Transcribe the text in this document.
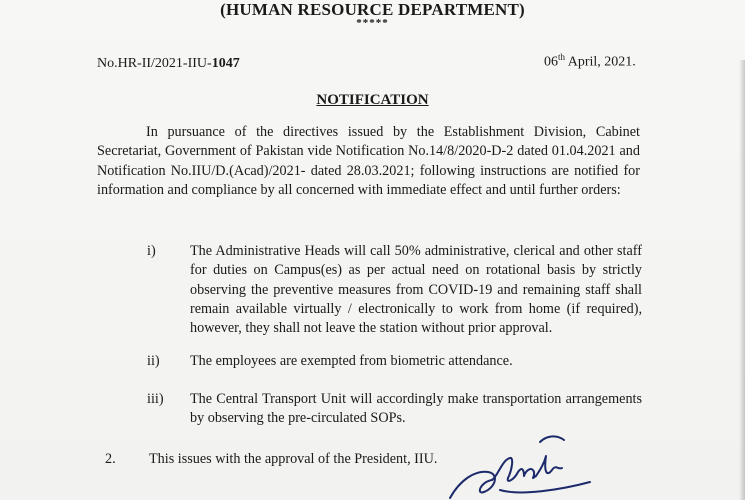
(HUMAN RESOURCE DEPARTMENT)
*****
No.HR-II/2021-IIU-1047	06th April, 2021.
NOTIFICATION
In pursuance of the directives issued by the Establishment Division, Cabinet Secretariat, Government of Pakistan vide Notification No.14/8/2020-D-2 dated 01.04.2021 and Notification No.IIU/D.(Acad)/2021- dated 28.03.2021; following instructions are notified for information and compliance by all concerned with immediate effect and until further orders:
i)	The Administrative Heads will call 50% administrative, clerical and other staff for duties on Campus(es) as per actual need on rotational basis by strictly observing the preventive measures from COVID-19 and remaining staff shall remain available virtually / electronically to work from home (if required), however, they shall not leave the station without prior approval.
ii)	The employees are exempted from biometric attendance.
iii)	The Central Transport Unit will accordingly make transportation arrangements by observing the pre-circulated SOPs.
2. This issues with the approval of the President, IIU.
